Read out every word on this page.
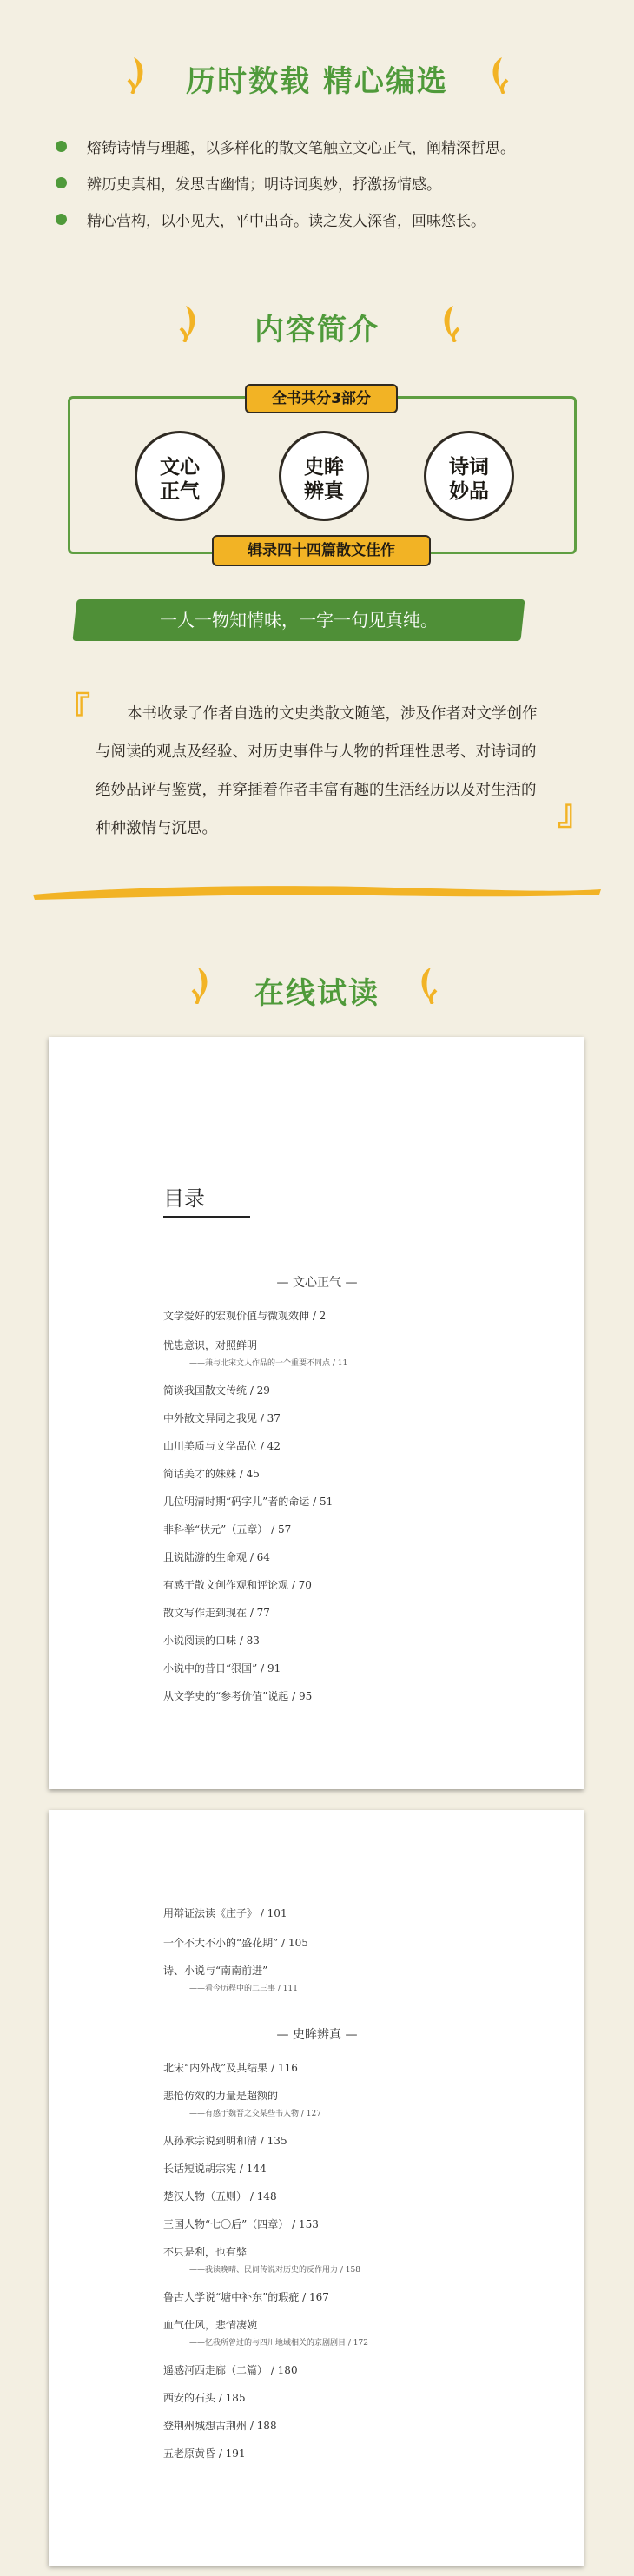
历时数载 精心编选
熔铸诗情与理趣，以多样化的散文笔触立文心正气，阐精深哲思。
辨历史真相，发思古幽情；明诗词奥妙，抒激扬情感。
精心营构，以小见大，平中出奇。读之发人深省，回味悠长。
内容简介
全书共分3部分
文心
正气
史眸
辨真
诗词
妙品
辑录四十四篇散文佳作
一人一物知情味，一字一句见真纯。
『	本书收录了作者自选的文史类散文随笔，涉及作者对文学创作与阅读的观点及经验、对历史事件与人物的哲理性思考、对诗词的绝妙品评与鉴赏，并穿插着作者丰富有趣的生活经历以及对生活的种种激情与沉思。	』
在线试读
目录
— 文心正气 —
文学爱好的宏观价值与微观效伸 / 2
忧患意识，对照鲜明
——兼与北宋文人作品的一个重要不同点 / 11
简谈我国散文传统 / 29
中外散文异同之我见 / 37
山川美质与文学品位 / 42
简话美才的妹妹 / 45
几位明清时期“码字儿”者的命运 / 51
非科举“状元”（五章） / 57
且说陆游的生命观 / 64
有感于散文创作观和评论观 / 70
散文写作走到现在 / 77
小说阅读的口味 / 83
小说中的昔日“狠国” / 91
从文学史的“参考价值”说起 / 95
用辩证法读《庄子》 / 101
一个不大不小的“盛花期” / 105
诗、小说与“南南前进”
——看今历程中的二三事 / 111
— 史眸辨真 —
北宋“内外战”及其结果 / 116
悲怆仿效的力量是超额的
——有感于魏晋之交某些书人物 / 127
从孙承宗说到明和清 / 135
长话短说胡宗宪 / 144
楚汉人物（五则） / 148
三国人物“七〇后”（四章） / 153
不只是利，也有弊
——我读晚晴、民间传说对历史的反作用力 / 158
鲁古人学说“塘中补东”的瑕疵 / 167
血气仕风，悲情凄婉
——忆我所曾过的与四川地域相关的京剧剧目 / 172
遥感河西走廊（二篇） / 180
西安的石头 / 185
登荆州城想古荆州 / 188
五老原黄昏 / 191
